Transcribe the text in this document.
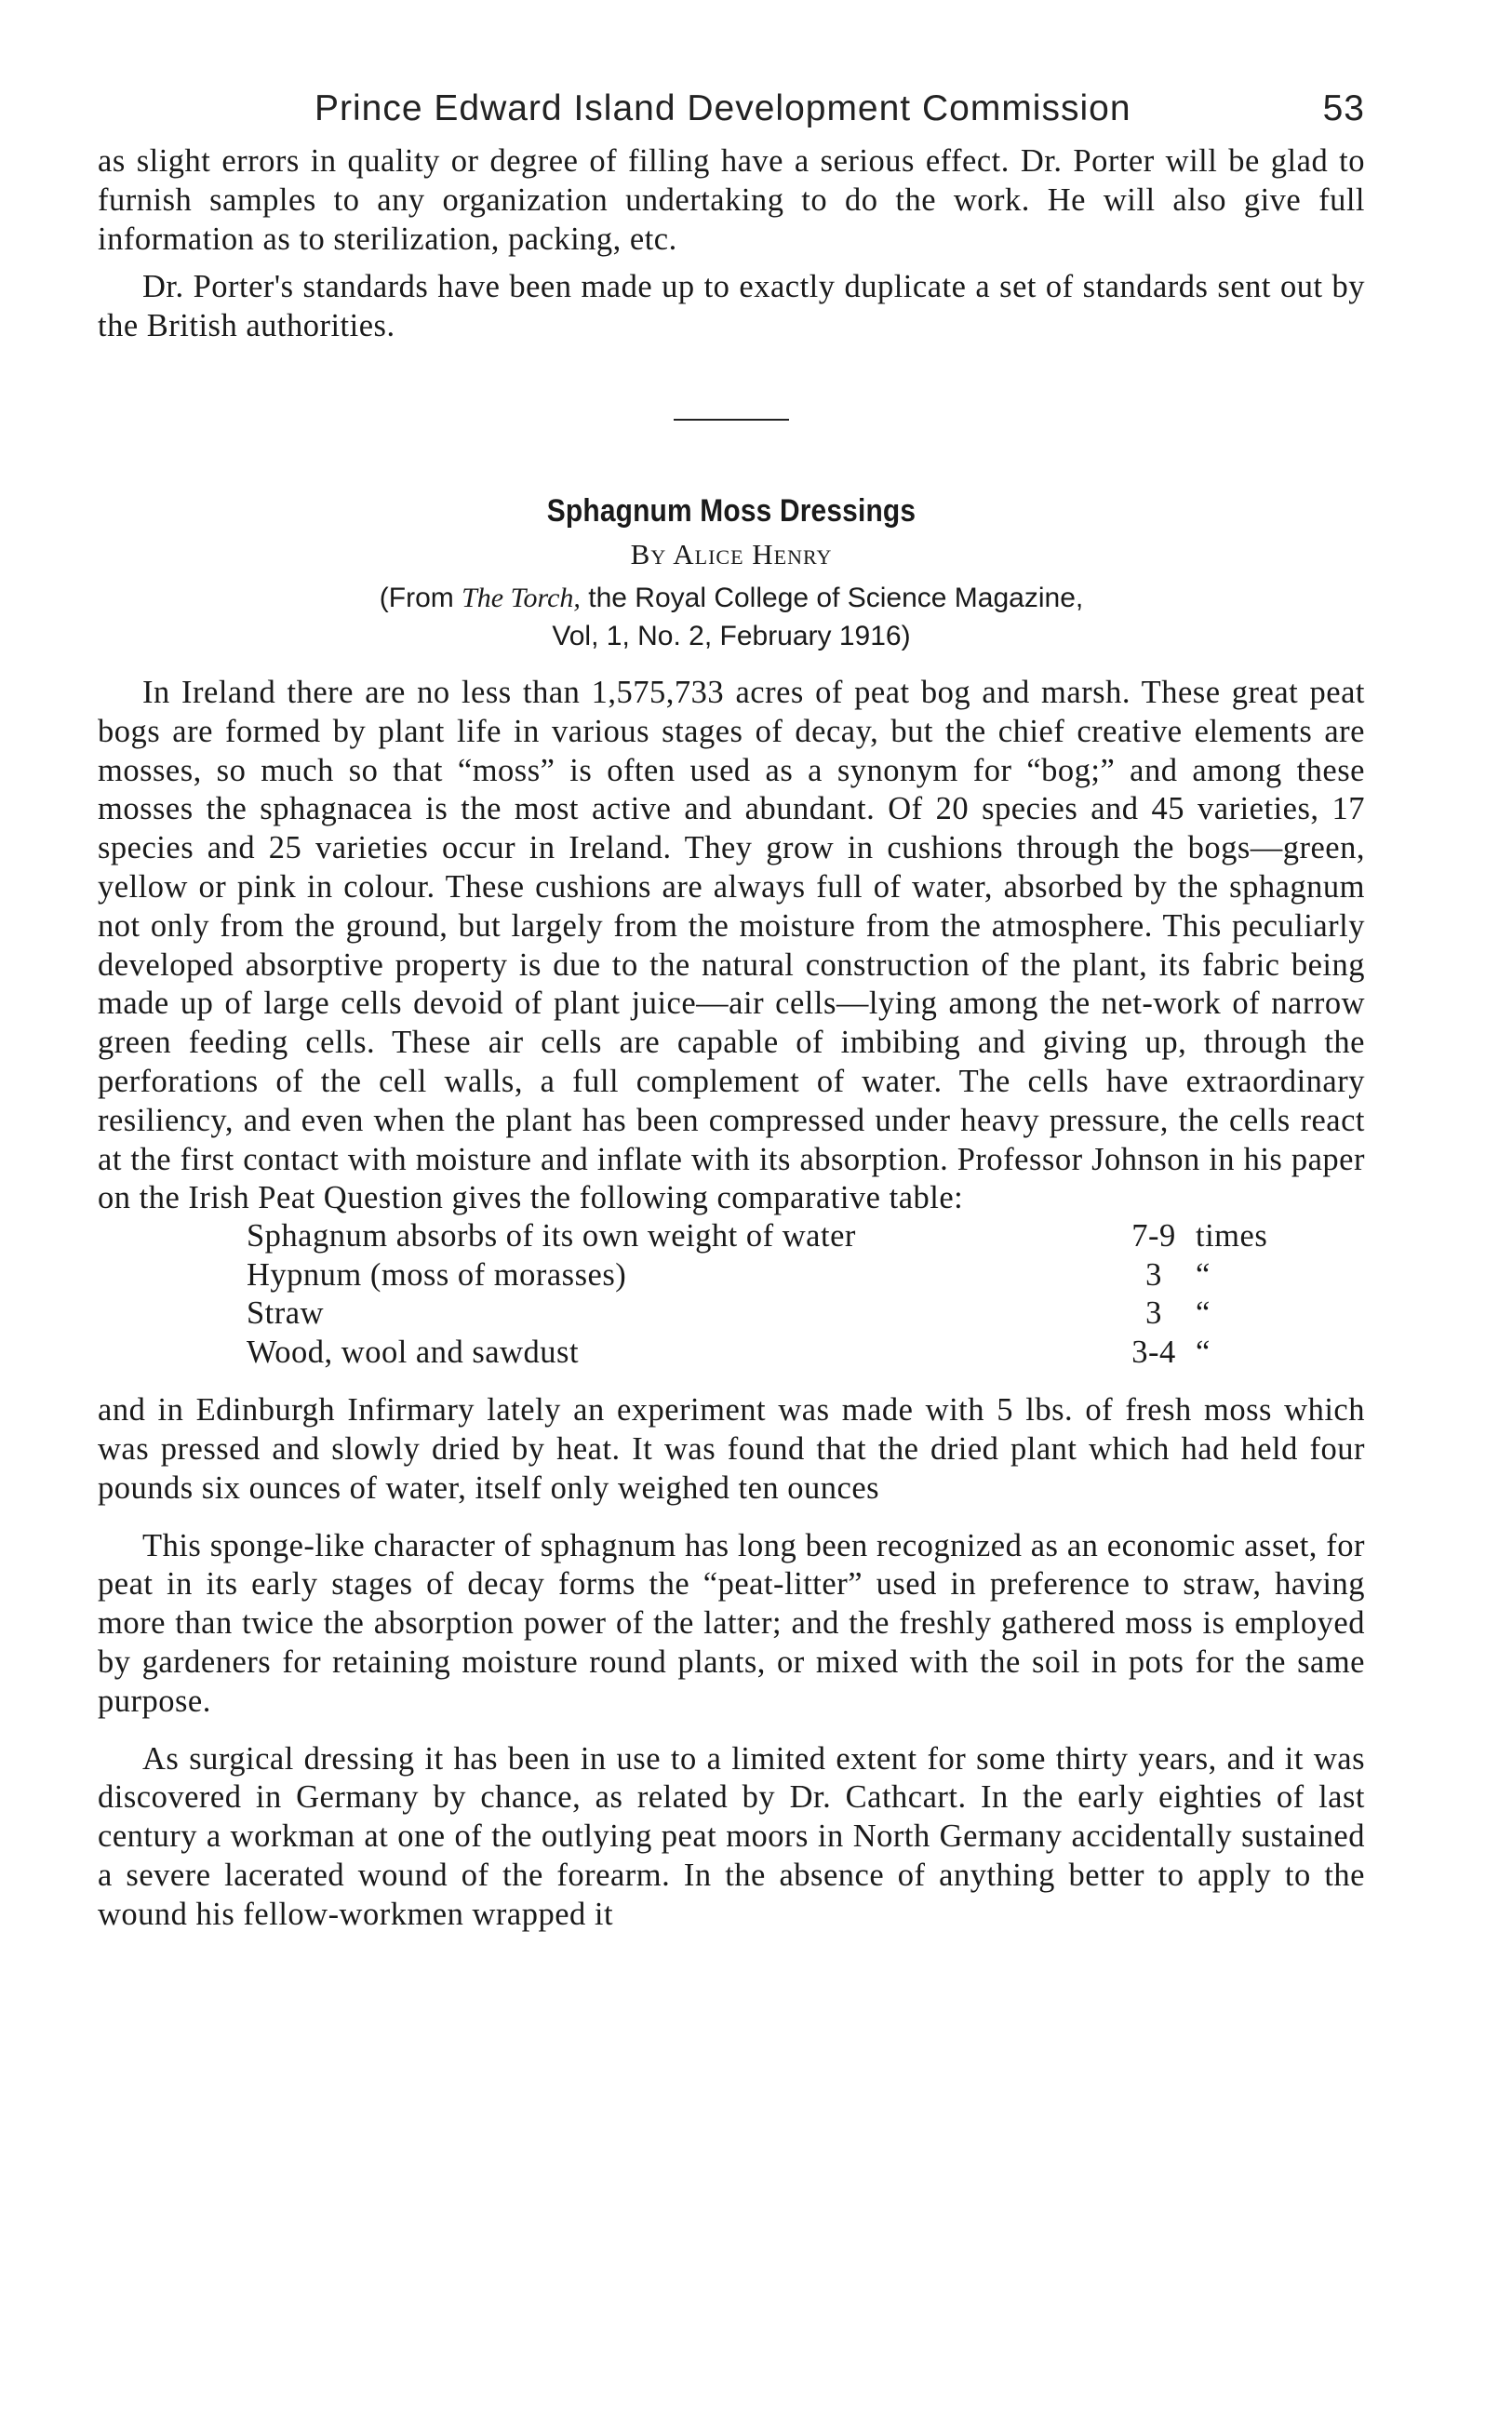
Prince Edward Island Development Commission	53

as slight errors in quality or degree of filling have a serious effect. Dr. Porter will be glad to furnish samples to any organization undertaking to do the work. He will also give full information as to sterilization, packing, etc.

Dr. Porter's standards have been made up to exactly duplicate a set of standards sent out by the British authorities.

Sphagnum Moss Dressings
By Alice Henry
(From The Torch, the Royal College of Science Magazine,
Vol, 1, No. 2, February 1916)

In Ireland there are no less than 1,575,733 acres of peat bog and marsh. These great peat bogs are formed by plant life in various stages of decay, but the chief creative elements are mosses, so much so that “moss” is often used as a synonym for “bog;” and among these mosses the sphagnacea is the most active and abundant. Of 20 species and 45 varieties, 17 species and 25 varieties occur in Ireland. They grow in cushions through the bogs—green, yellow or pink in colour. These cushions are always full of water, absorbed by the sphagnum not only from the ground, but largely from the moisture from the atmosphere. This peculiarly developed absorptive property is due to the natural construction of the plant, its fabric being made up of large cells devoid of plant juice—air cells—lying among the net-work of narrow green feeding cells. These air cells are capable of imbibing and giving up, through the perforations of the cell walls, a full complement of water. The cells have extraordinary resiliency, and even when the plant has been compressed under heavy pressure, the cells react at the first contact with moisture and inflate with its absorption. Professor Johnson in his paper on the Irish Peat Question gives the following comparative table:

Sphagnum absorbs of its own weight of water	7-9	times
Hypnum (moss of morasses)	3	“
Straw	3	“
Wood, wool and sawdust	3-4	“

and in Edinburgh Infirmary lately an experiment was made with 5 lbs. of fresh moss which was pressed and slowly dried by heat. It was found that the dried plant which had held four pounds six ounces of water, itself only weighed ten ounces

This sponge-like character of sphagnum has long been recognized as an economic asset, for peat in its early stages of decay forms the “peat-litter” used in preference to straw, having more than twice the absorption power of the latter; and the freshly gathered moss is employed by gardeners for retaining moisture round plants, or mixed with the soil in pots for the same purpose.

As surgical dressing it has been in use to a limited extent for some thirty years, and it was discovered in Germany by chance, as related by Dr. Cathcart. In the early eighties of last century a workman at one of the outlying peat moors in North Germany accidentally sustained a severe lacerated wound of the forearm. In the absence of anything better to apply to the wound his fellow-workmen wrapped it
